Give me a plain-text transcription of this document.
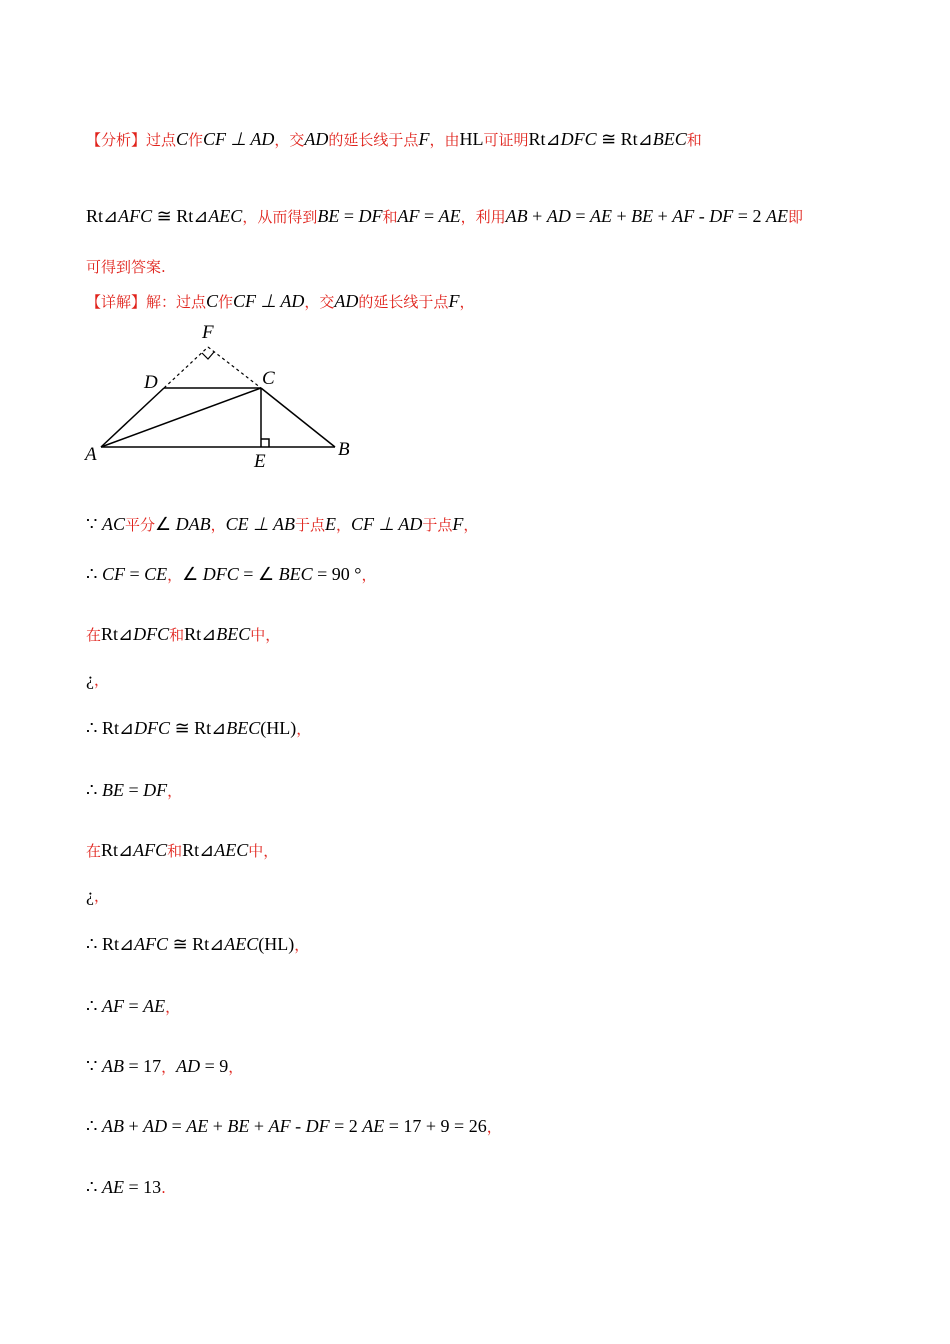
【分析】过点C作CF ⊥ AD，交AD的延长线于点F，由HL可证明Rt⊿DFC ≅ Rt⊿BEC和
Rt⊿AFC ≅ Rt⊿AEC，从而得到BE = DF和AF = AE，利用AB + AD = AE + BE + AF - DF = 2 AE即
可得到答案.
【详解】解：过点C作CF ⊥ AD，交AD的延长线于点F，
F
D	C
A	E
B
∵ AC平分∠ DAB，CE ⊥ AB于点E，CF ⊥ AD于点F，
∴ CF = CE，∠ DFC = ∠ BEC = 90 °，
在Rt⊿DFC和Rt⊿BEC中，
¿，
∴ Rt⊿DFC ≅ Rt⊿BEC(HL)，
∴ BE = DF，
在Rt⊿AFC和Rt⊿AEC中，
¿，
∴ Rt⊿AFC ≅ Rt⊿AEC(HL)，
∴ AF = AE，
∵ AB = 17，AD = 9，
∴ AB + AD = AE + BE + AF - DF = 2 AE = 17 + 9 = 26，
∴ AE = 13.
